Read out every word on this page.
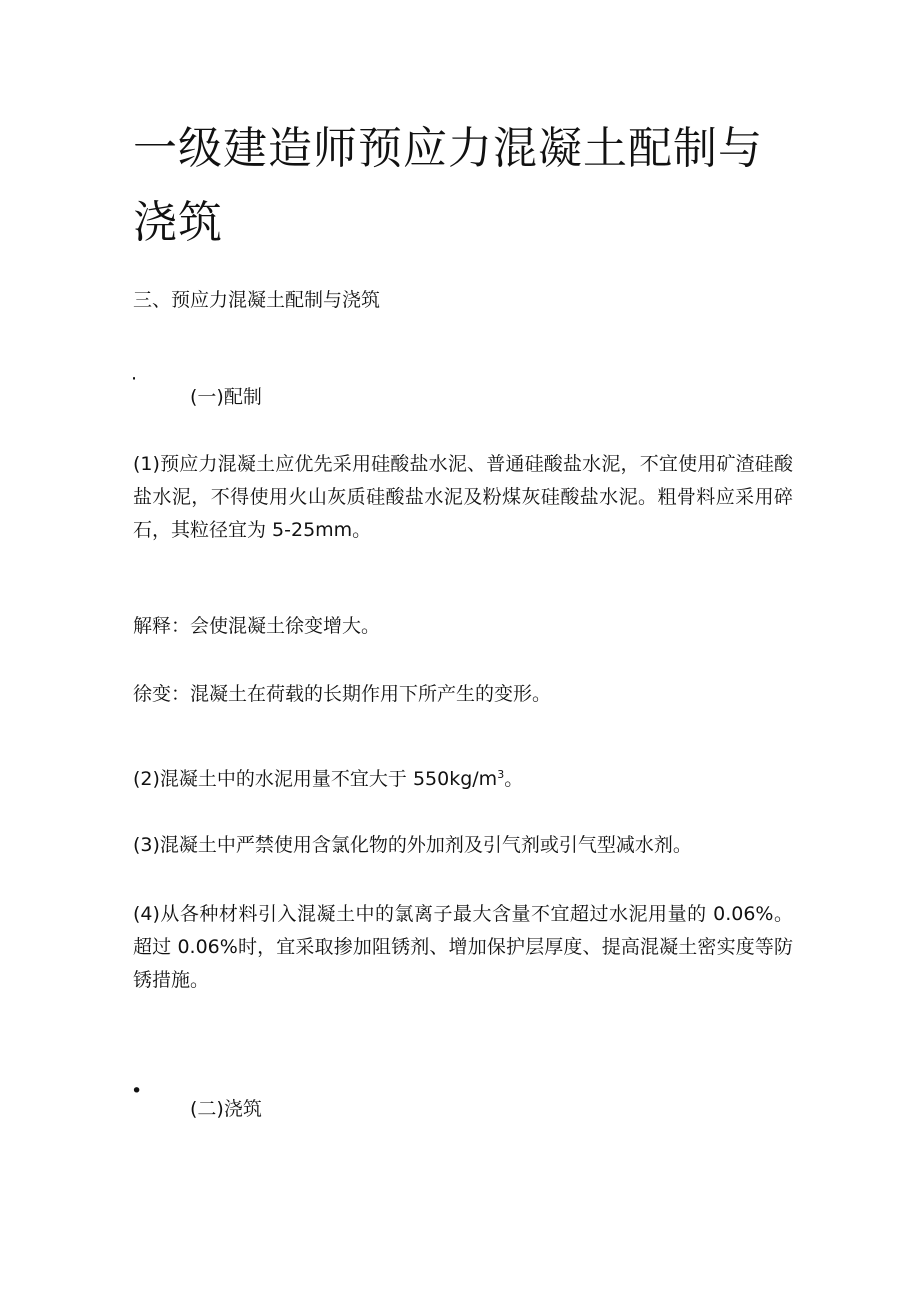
一级建造师预应力混凝土配制与浇筑

三、预应力混凝土配制与浇筑

·

(一)配制

(1)预应力混凝土应优先采用硅酸盐水泥、普通硅酸盐水泥，不宜使用矿渣硅酸盐水泥，不得使用火山灰质硅酸盐水泥及粉煤灰硅酸盐水泥。粗骨料应采用碎石，其粒径宜为 5-25mm。

解释：会使混凝土徐变增大。

徐变：混凝土在荷载的长期作用下所产生的变形。

(2)混凝土中的水泥用量不宜大于 $550kg/m^3$。

(3)混凝土中严禁使用含氯化物的外加剂及引气剂或引气型减水剂。

(4)从各种材料引入混凝土中的氯离子最大含量不宜超过水泥用量的 0.06%。超过 0.06%时，宜采取掺加阻锈剂、增加保护层厚度、提高混凝土密实度等防锈措施。

•

(二)浇筑
